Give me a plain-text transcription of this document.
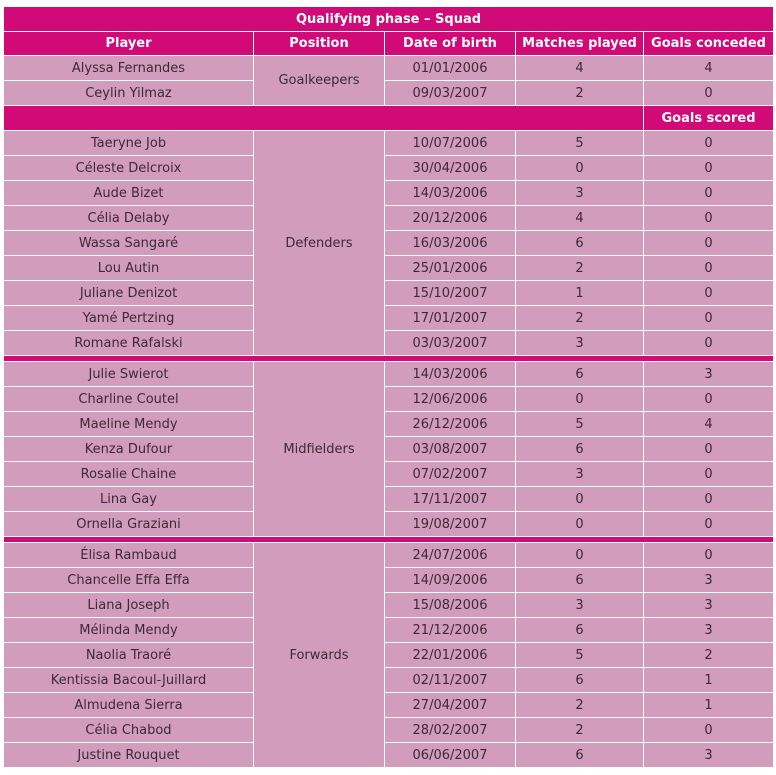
Qualifying phase – Squad				
Player	Position	Date of birth	Matches played	Goals conceded
Alyssa Fernandes	Goalkeepers	01/01/2006	4	4
Ceylin Yilmaz		09/03/2007	2	0
				Goals scored
Taeryne Job	Defenders	10/07/2006	5	0
Céleste Delcroix		30/04/2006	0	0
Aude Bizet		14/03/2006	3	0
Célia Delaby		20/12/2006	4	0
Wassa Sangaré		16/03/2006	6	0
Lou Autin		25/01/2006	2	0
Juliane Denizot		15/10/2007	1	0
Yamé Pertzing		17/01/2007	2	0
Romane Rafalski		03/03/2007	3	0

Julie Swierot	Midfielders	14/03/2006	6	3
Charline Coutel		12/06/2006	0	0
Maeline Mendy		26/12/2006	5	4
Kenza Dufour		03/08/2007	6	0
Rosalie Chaine		07/02/2007	3	0
Lina Gay		17/11/2007	0	0
Ornella Graziani		19/08/2007	0	0

Élisa Rambaud	Forwards	24/07/2006	0	0
Chancelle Effa Effa		14/09/2006	6	3
Liana Joseph		15/08/2006	3	3
Mélinda Mendy		21/12/2006	6	3
Naolia Traoré		22/01/2006	5	2
Kentissia Bacoul-Juillard		02/11/2007	6	1
Almudena Sierra		27/04/2007	2	1
Célia Chabod		28/02/2007	2	0
Justine Rouquet		06/06/2007	6	3
